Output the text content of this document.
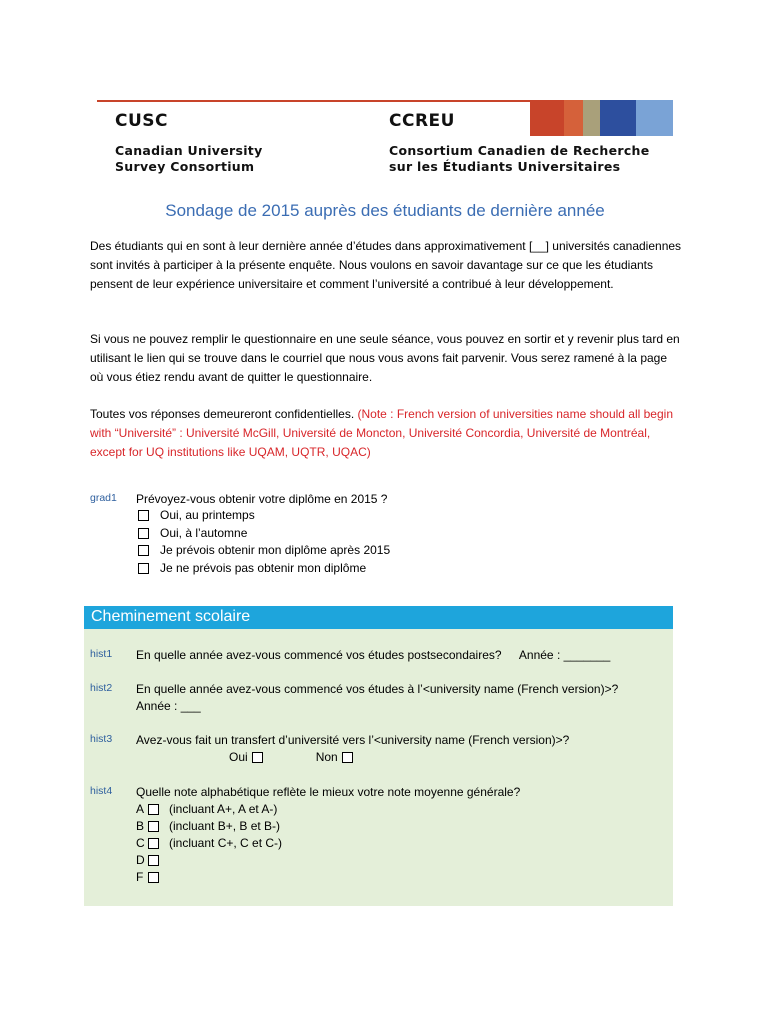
CUSC
Canadian University
Survey Consortium
CCREU
Consortium Canadien de Recherche
sur les Étudiants Universitaires
Sondage de 2015 auprès des étudiants de dernière année
Des étudiants qui en sont à leur dernière année d’études dans approximativement [__] universités canadiennes sont invités à participer à la présente enquête. Nous voulons en savoir davantage sur ce que les étudiants pensent de leur expérience universitaire et comment l’université a contribué à leur développement.
Si vous ne pouvez remplir le questionnaire en une seule séance, vous pouvez en sortir et y revenir plus tard en utilisant le lien qui se trouve dans le courriel que nous vous avons fait parvenir. Vous serez ramené à la page où vous étiez rendu avant de quitter le questionnaire.
Toutes vos réponses demeureront confidentielles. (Note : French version of universities name should all begin with “Université” : Université McGill, Université de Moncton, Université Concordia, Université de Montréal, except for UQ institutions like UQAM, UQTR, UQAC)
grad1 Prévoyez-vous obtenir votre diplôme en 2015 ?
Oui, au printemps
Oui, à l’automne
Je prévois obtenir mon diplôme après 2015
Je ne prévois pas obtenir mon diplôme
Cheminement scolaire
hist1 En quelle année avez-vous commencé vos études postsecondaires? Année : _______
hist2 En quelle année avez-vous commencé vos études à l’<university name (French version)>?
Année : ___
hist3 Avez-vous fait un transfert d’université vers l’<university name (French version)>?
Oui	Non
hist4 Quelle note alphabétique reflète le mieux votre note moyenne générale?
A	(incluant A+, A et A-)
B	(incluant B+, B et B-)
C (incluant C+, C et C-)
D
F
